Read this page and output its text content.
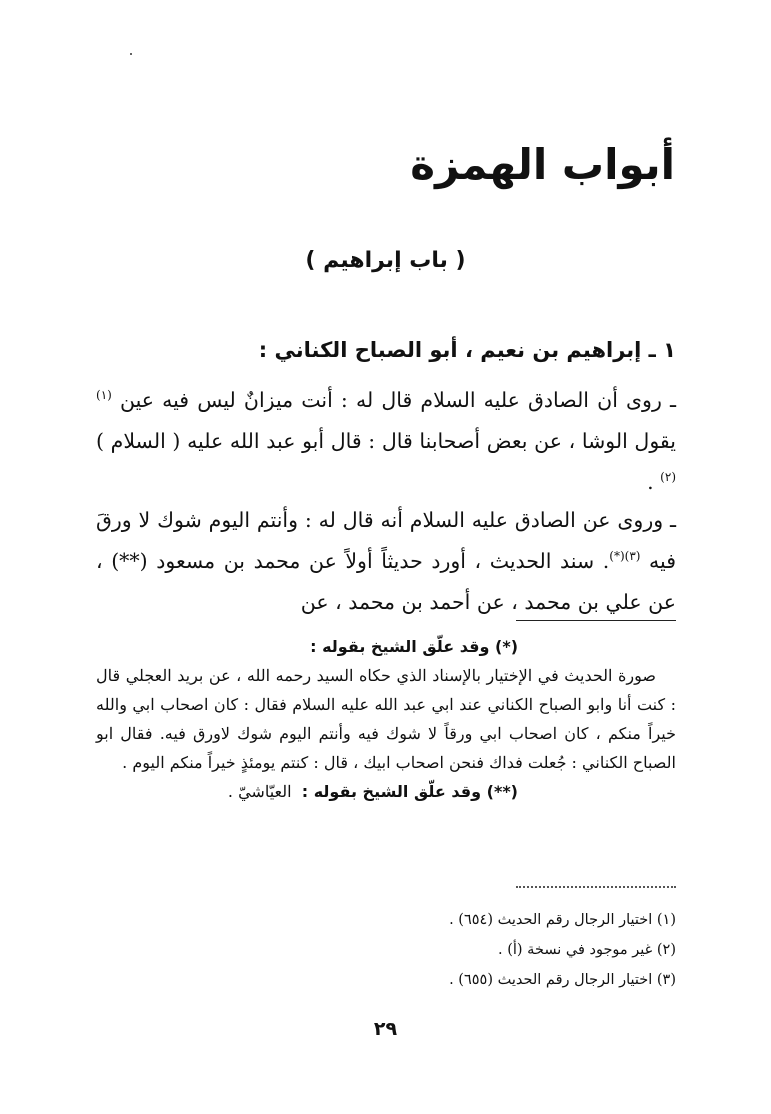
أبواب الهمزة
( باب إبراهيم )
١ ـ إبراهيم بن نعيم ، أبو الصباح الكناني :

ـ روى أن الصادق عليه السلام قال له : أنت ميزانٌ ليس فيه عين $^{(١)}$ يقول الوشا ، عن بعض أصحابنا قال : قال أبو عبد الله عليه ( السلام ) $^{(٢)}$ .

ـ وروى عن الصادق عليه السلام أنه قال له : وأنتم اليوم شوك لا ورقَ فيه $^{(٣)(*)}$. سند الحديث ، أورد حديثاً أولاً عن محمد بن مسعود (**) ، عن علي بن محمد ، عن أحمد بن محمد ، عن

(*) وقد علّق الشيخ بقوله :
صورة الحديث في الإختيار بالإسناد الذي حكاه السيد رحمه الله ، عن بريد العجلي قال : كنت أنا وابو الصباح الكناني عند ابي عبد الله عليه السلام فقال : كان اصحاب ابي والله خيراً منكم ، كان اصحاب ابي ورقاً لا شوك فيه وأنتم اليوم شوك لاورق فيه. فقال ابو الصباح الكناني : جُعلت فداك فنحن اصحاب ابيك ، قال : كنتم يومئذٍ خيراً منكم اليوم .
(**) وقد علّق الشيخ بقوله :  العيّاشيّ .
(١) اختيار الرجال رقم الحديث (٦٥٤) .
(٢) غير موجود في نسخة (أ) .
(٣) اختيار الرجال رقم الحديث (٦٥٥) .
٢٩
